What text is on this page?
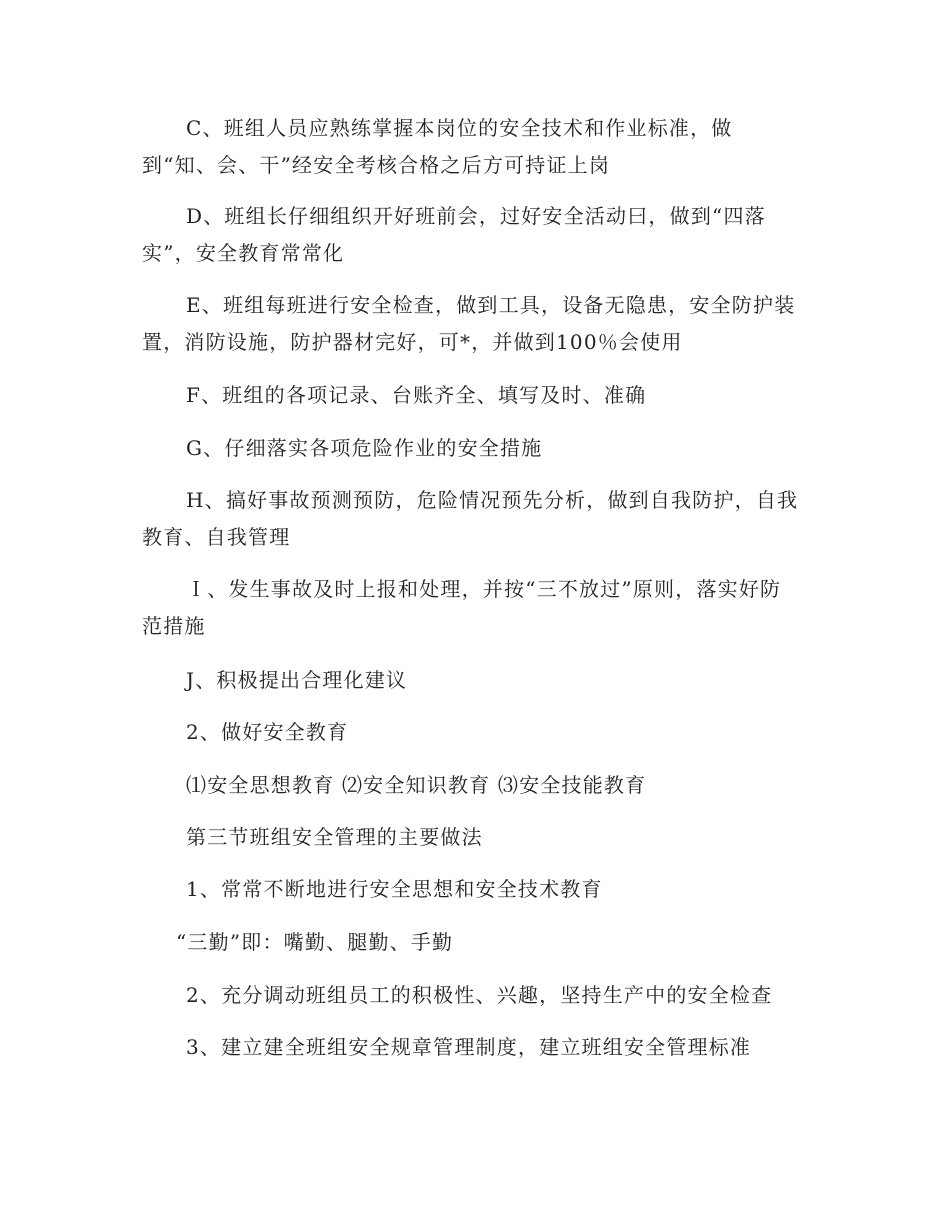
C、班组人员应熟练掌握本岗位的安全技术和作业标准，做
到“知、会、干”经安全考核合格之后方可持证上岗

D、班组长仔细组织开好班前会，过好安全活动曰，做到“四落
实”，安全教育常常化

E、班组每班进行安全检查，做到工具，设备无隐患，安全防护装
置，消防设施，防护器材完好，可*，并做到100％会使用

F、班组的各项记录、台账齐全、填写及时、准确

G、仔细落实各项危险作业的安全措施

H、搞好事故预测预防，危险情况预先分析，做到自我防护，自我
教育、自我管理

Ｉ、发生事故及时上报和处理，并按“三不放过”原则，落实好防
范措施

J、积极提出合理化建议

2、做好安全教育

⑴安全思想教育 ⑵安全知识教育 ⑶安全技能教育

第三节班组安全管理的主要做法

1、常常不断地进行安全思想和安全技术教育

“三勤”即：嘴勤、腿勤、手勤

2、充分调动班组员工的积极性、兴趣，坚持生产中的安全检查

3、建立建全班组安全规章管理制度，建立班组安全管理标准
